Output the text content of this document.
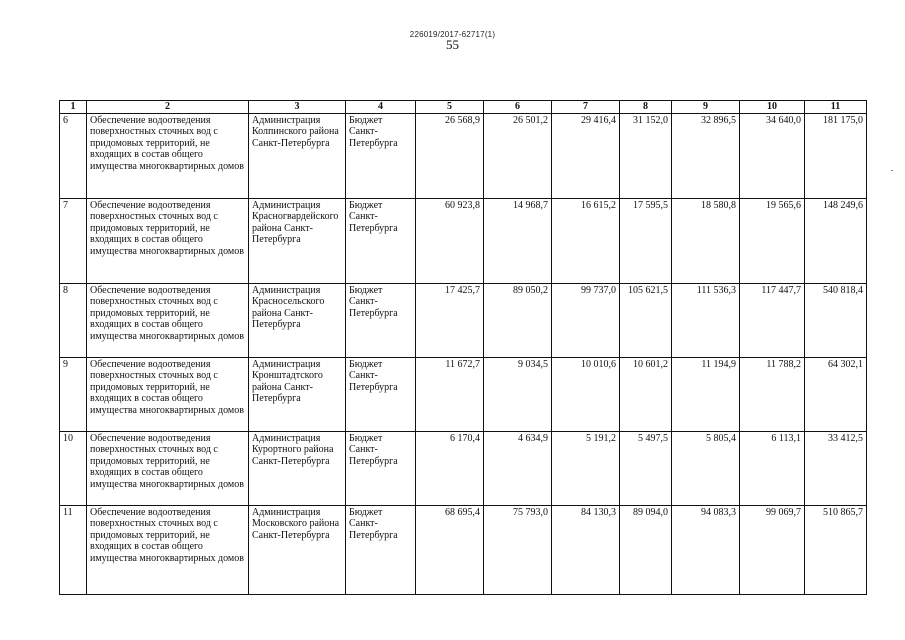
226019/2017-62717(1)
55
1	2	3	4	5	6	7	8	9	10	11
6	Обеспечение водоотведения поверхностных сточных вод с придомовых территорий, не входящих в состав общего имущества многоквартирных домов	Администрация Колпинского района Санкт-Петербурга	Бюджет Санкт-Петербурга	26 568,9	26 501,2	29 416,4	31 152,0	32 896,5	34 640,0	181 175,0
7	Обеспечение водоотведения поверхностных сточных вод с придомовых территорий, не входящих в состав общего имущества многоквартирных домов	Администрация Красногвардейского района Санкт-Петербурга	Бюджет Санкт-Петербурга	60 923,8	14 968,7	16 615,2	17 595,5	18 580,8	19 565,6	148 249,6
8	Обеспечение водоотведения поверхностных сточных вод с придомовых территорий, не входящих в состав общего имущества многоквартирных домов	Администрация Красносельского района Санкт-Петербурга	Бюджет Санкт-Петербурга	17 425,7	89 050,2	99 737,0	105 621,5	111 536,3	117 447,7	540 818,4
9	Обеспечение водоотведения поверхностных сточных вод с придомовых территорий, не входящих в состав общего имущества многоквартирных домов	Администрация Кронштадтского района Санкт-Петербурга	Бюджет Санкт-Петербурга	11 672,7	9 034,5	10 010,6	10 601,2	11 194,9	11 788,2	64 302,1
10	Обеспечение водоотведения поверхностных сточных вод с придомовых территорий, не входящих в состав общего имущества многоквартирных домов	Администрация Курортного района Санкт-Петербурга	Бюджет Санкт-Петербурга	6 170,4	4 634,9	5 191,2	5 497,5	5 805,4	6 113,1	33 412,5
11	Обеспечение водоотведения поверхностных сточных вод с придомовых территорий, не входящих в состав общего имущества многоквартирных домов	Администрация Московского района Санкт-Петербурга	Бюджет Санкт-Петербурга	68 695,4	75 793,0	84 130,3	89 094,0	94 083,3	99 069,7	510 865,7
